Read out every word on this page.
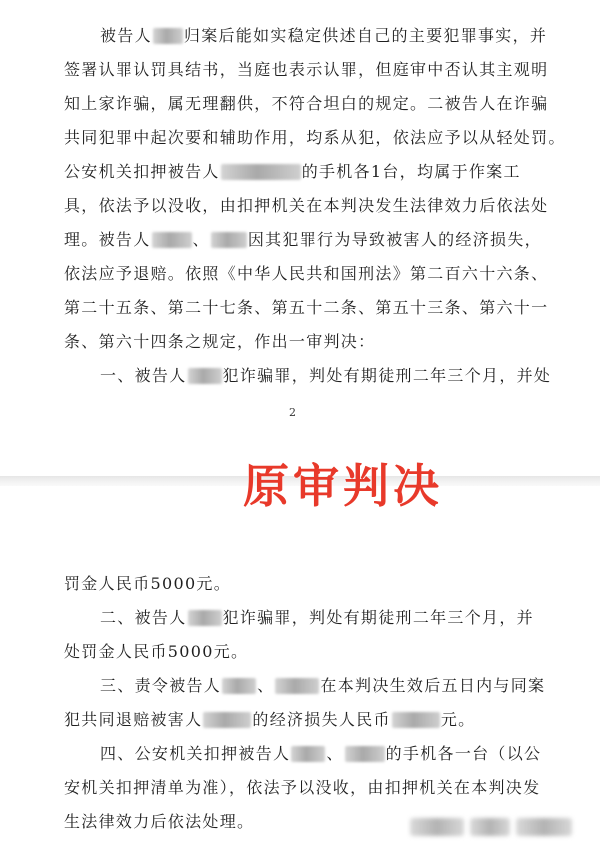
被告人 归案后能如实稳定供述自己的主要犯罪事实，并
签署认罪认罚具结书，当庭也表示认罪，但庭审中否认其主观明
知上家诈骗，属无理翻供，不符合坦白的规定。二被告人在诈骗
共同犯罪中起次要和辅助作用，均系从犯，依法应予以从轻处罚。
公安机关扣押被告人	的手机各1台，均属于作案工
具，依法予以没收，由扣押机关在本判决发生法律效力后依法处
理。被告人	、 因其犯罪行为导致被害人的经济损失，
依法应予退赔。依照《中华人民共和国刑法》第二百六十六条、
第二十五条、第二十七条、第五十二条、第五十三条、第六十一
条、第六十四条之规定，作出一审判决：
一、被告人 犯诈骗罪，判处有期徒刑二年三个月，并处
2
罚金人民币5000元。
二、被告人 犯诈骗罪，判处有期徒刑二年三个月，并
处罚金人民币5000元。
三、责令被告人 、	在本判决生效后五日内与同案
犯共同退赔被害人	的经济损失人民币	元。
四、公安机关扣押被告人 、	的手机各一台（以公
安机关扣押清单为准），依法予以没收，由扣押机关在本判决发
生法律效力后依法处理。
原审判决
